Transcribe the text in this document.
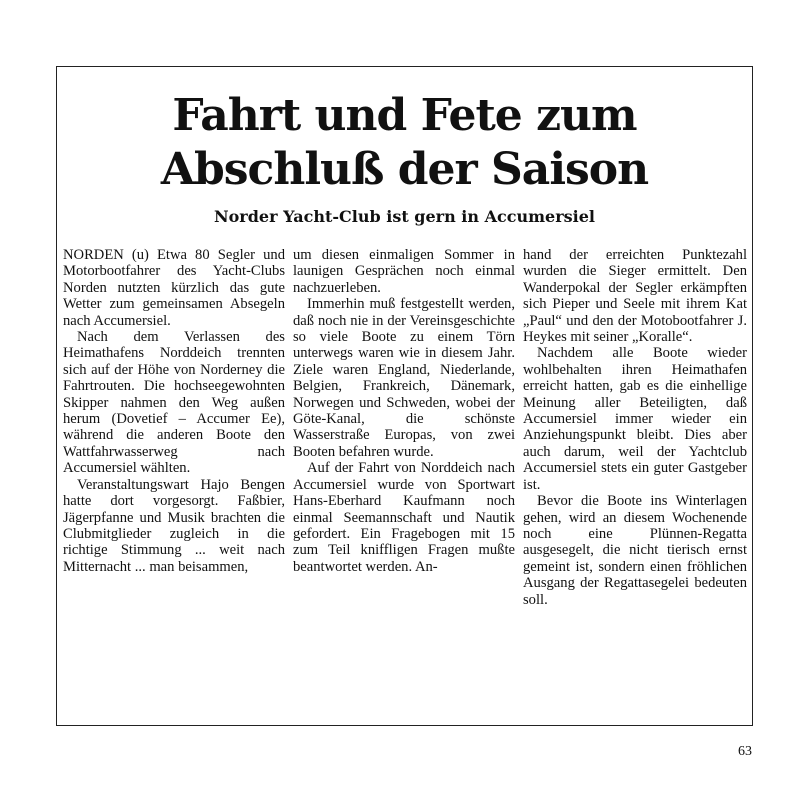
Fahrt und Fete zum
Abschluß der Saison
Norder Yacht-Club ist gern in Accumersiel

NORDEN (u) Etwa 80 Segler und Motorbootfahrer des Yacht-Clubs Norden nutzten kürzlich das gute Wetter zum gemeinsamen Absegeln nach Accumersiel.

Nach dem Verlassen des Heimathafens Norddeich trennten sich auf der Höhe von Norderney die Fahrtrouten. Die hochseegewohnten Skipper nahmen den Weg außen herum (Dovetief – Accumer Ee), während die anderen Boote den Wattfahrwasserweg nach Accumersiel wählten.

Veranstaltungswart Hajo Bengen hatte dort vorgesorgt. Faßbier, Jägerpfanne und Musik brachten die Clubmitglieder zugleich in die richtige Stimmung ... weit nach Mitternacht ... man beisammen,

um diesen einmaligen Sommer in launigen Gesprächen noch einmal nachzuerleben.

Immerhin muß festgestellt werden, daß noch nie in der Vereinsgeschichte so viele Boote zu einem Törn unterwegs waren wie in diesem Jahr. Ziele waren England, Niederlande, Belgien, Frankreich, Dänemark, Norwegen und Schweden, wobei der Göte-Kanal, die schönste Wasserstraße Europas, von zwei Booten befahren wurde.

Auf der Fahrt von Norddeich nach Accumersiel wurde von Sportwart Hans-Eberhard Kaufmann noch einmal Seemannschaft und Nautik gefordert. Ein Fragebogen mit 15 zum Teil kniffligen Fragen mußte beantwortet werden. An-

hand der erreichten Punktezahl wurden die Sieger ermittelt. Den Wanderpokal der Segler erkämpften sich Pieper und Seele mit ihrem Kat „Paul“ und den der Motobootfahrer J. Heykes mit seiner „Koralle“.

Nachdem alle Boote wieder wohlbehalten ihren Heimathafen erreicht hatten, gab es die einhellige Meinung aller Beteiligten, daß Accumersiel immer wieder ein Anziehungspunkt bleibt. Dies aber auch darum, weil der Yachtclub Accumersiel stets ein guter Gastgeber ist.

Bevor die Boote ins Winterlagen gehen, wird an diesem Wochenende noch eine Plünnen-Regatta ausgesegelt, die nicht tierisch ernst gemeint ist, sondern einen fröhlichen Ausgang der Regattasegelei bedeuten soll.

63
